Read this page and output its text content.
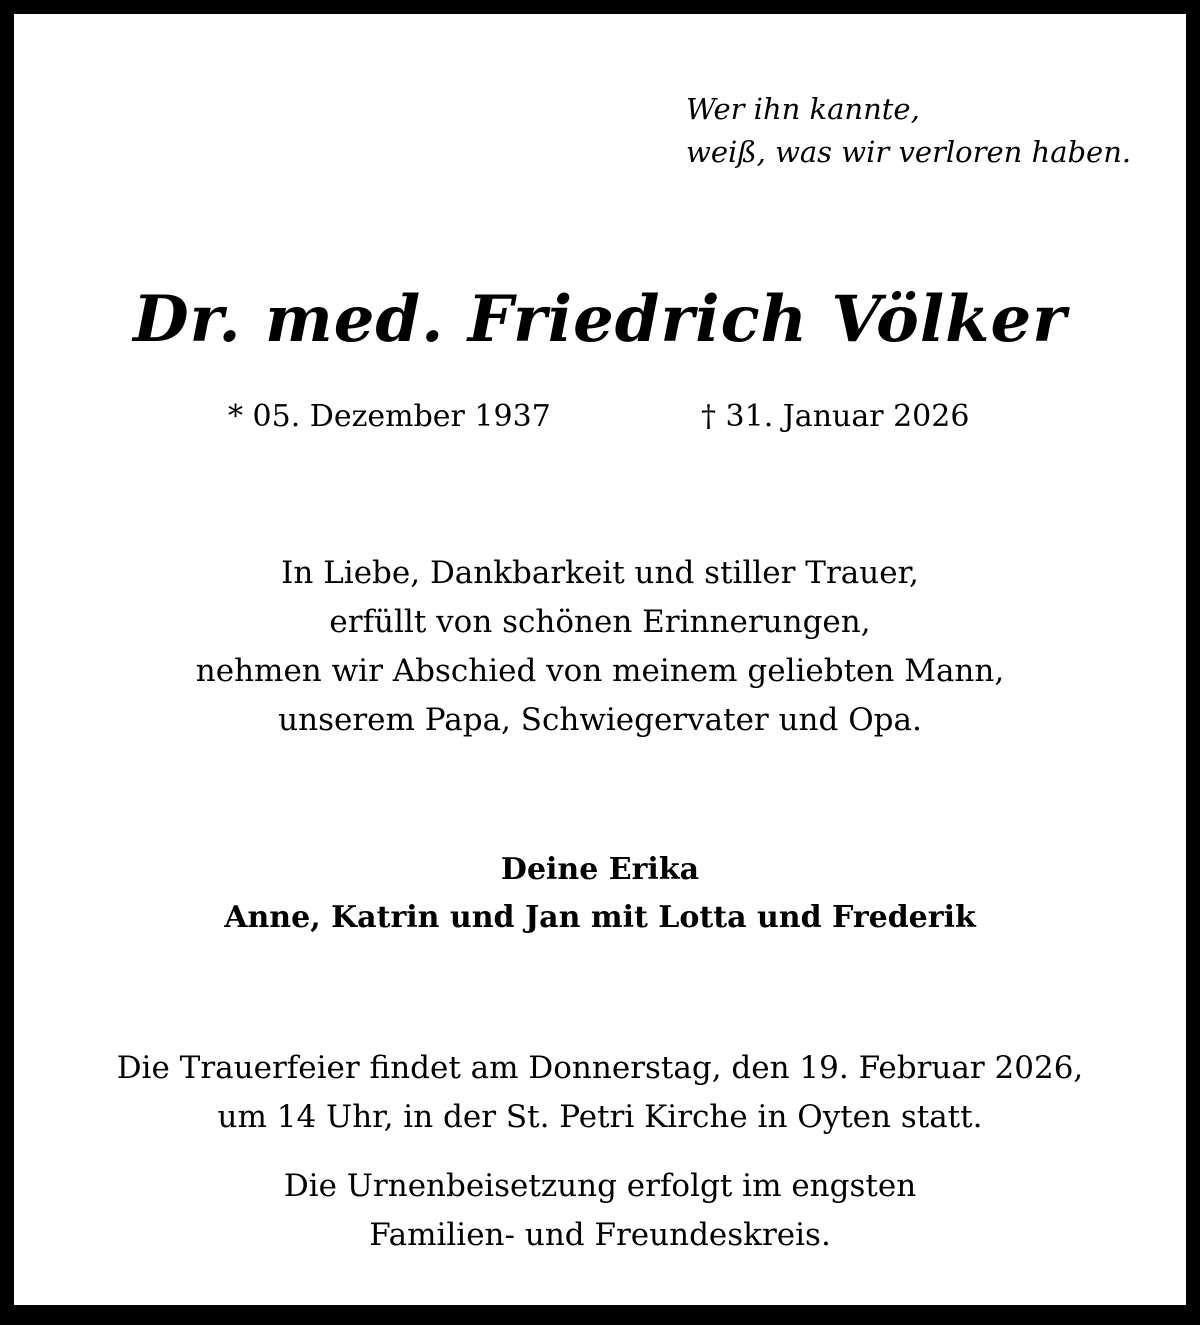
Wer ihn kannte,
weiß, was wir verloren haben.
Dr. med. Friedrich Völker
* 05. Dezember 1937	† 31. Januar 2026
In Liebe, Dankbarkeit und stiller Trauer,
erfüllt von schönen Erinnerungen,
nehmen wir Abschied von meinem geliebten Mann,
unserem Papa, Schwiegervater und Opa.
Deine Erika
Anne, Katrin und Jan mit Lotta und Frederik
Die Trauerfeier findet am Donnerstag, den 19. Februar 2026,
um 14 Uhr, in der St. Petri Kirche in Oyten statt.
Die Urnenbeisetzung erfolgt im engsten
Familien- und Freundeskreis.
